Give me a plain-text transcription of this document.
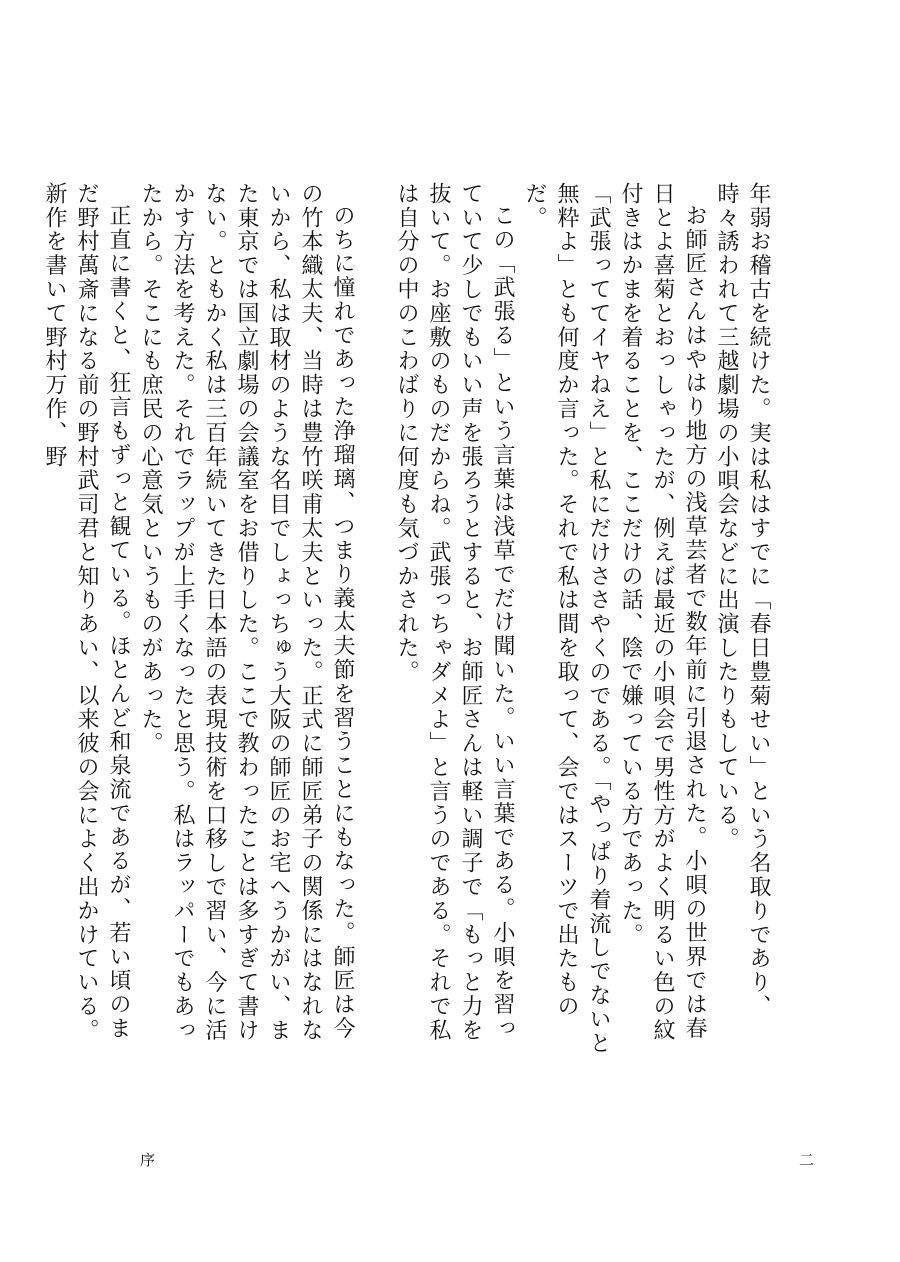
年弱お稽古を続けた。実は私はすでに「春日豊菊せい」という名取りであり、時々誘われて三越劇場の小唄会などに出演したりもしている。

お師匠さんはやはり地方の浅草芸者で数年前に引退された。小唄の世界では春日とよ喜菊とおっしゃったが、例えば最近の小唄会で男性方がよく明るい色の紋付きはかまを着ることを、ここだけの話、陰で嫌っている方であった。

「武張っててイヤねえ」と私にだけささやくのである。「やっぱり着流しでないと無粋よ」とも何度か言った。それで私は間を取って、会ではスーツで出たものだ。

この「武張る」という言葉は浅草でだけ聞いた。いい言葉である。小唄を習っていて少しでもいい声を張ろうとすると、お師匠さんは軽い調子で「もっと力を抜いて。お座敷のものだからね。武張っちゃダメよ」と言うのである。それで私は自分の中のこわばりに何度も気づかされた。

のちに憧れであった浄瑠璃、つまり義太夫節を習うことにもなった。師匠は今の竹本織太夫、当時は豊竹咲甫太夫といった。正式に師匠弟子の関係にはなれないから、私は取材のような名目でしょっちゅう大阪の師匠のお宅へうかがい、また東京では国立劇場の会議室をお借りした。ここで教わったことは多すぎて書けない。ともかく私は三百年続いてきた日本語の表現技術を口移しで習い、今に活かす方法を考えた。それでラップが上手くなったと思う。私はラッパーでもあったから。そこにも庶民の心意気というものがあった。

正直に書くと、狂言もずっと観ている。ほとんど和泉流であるが、若い頃のまだ野村萬斎になる前の野村武司君と知りあい、以来彼の会によく出かけている。新作を書いて野村万作、野

序	二
